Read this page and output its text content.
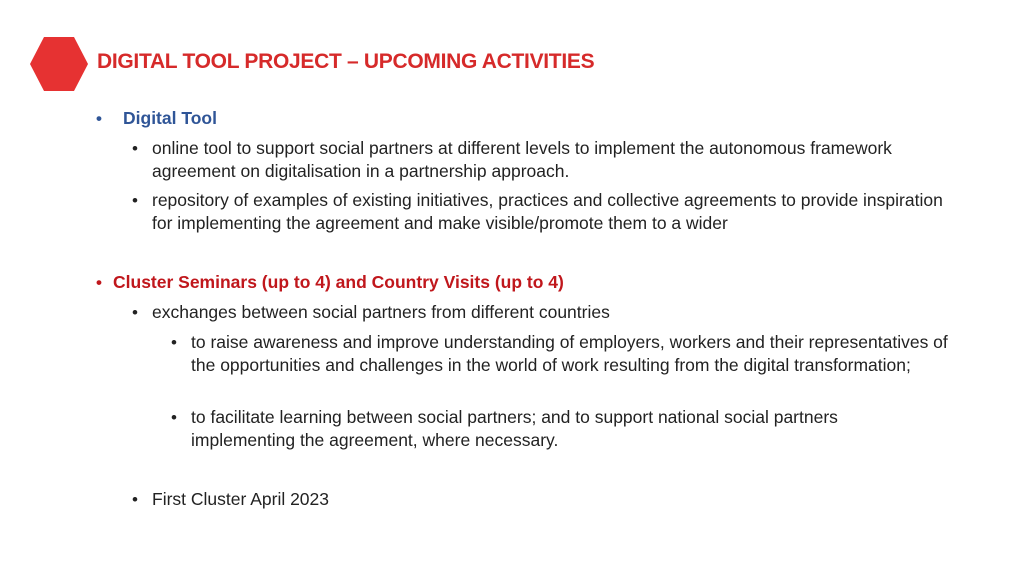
DIGITAL TOOL PROJECT – UPCOMING ACTIVITIES
• Digital Tool
• online tool to support social partners at different levels to implement the autonomous framework agreement on digitalisation in a partnership approach.
• repository of examples of existing initiatives, practices and collective agreements to provide inspiration for implementing the agreement and make visible/promote them to a wider
• Cluster Seminars (up to 4) and Country Visits (up to 4)
• exchanges between social partners from different countries
• to raise awareness and improve understanding of employers, workers and their representatives of the opportunities and challenges in the world of work resulting from the digital transformation;
• to facilitate learning between social partners; and to support national social partners implementing the agreement, where necessary.
• First Cluster April 2023
